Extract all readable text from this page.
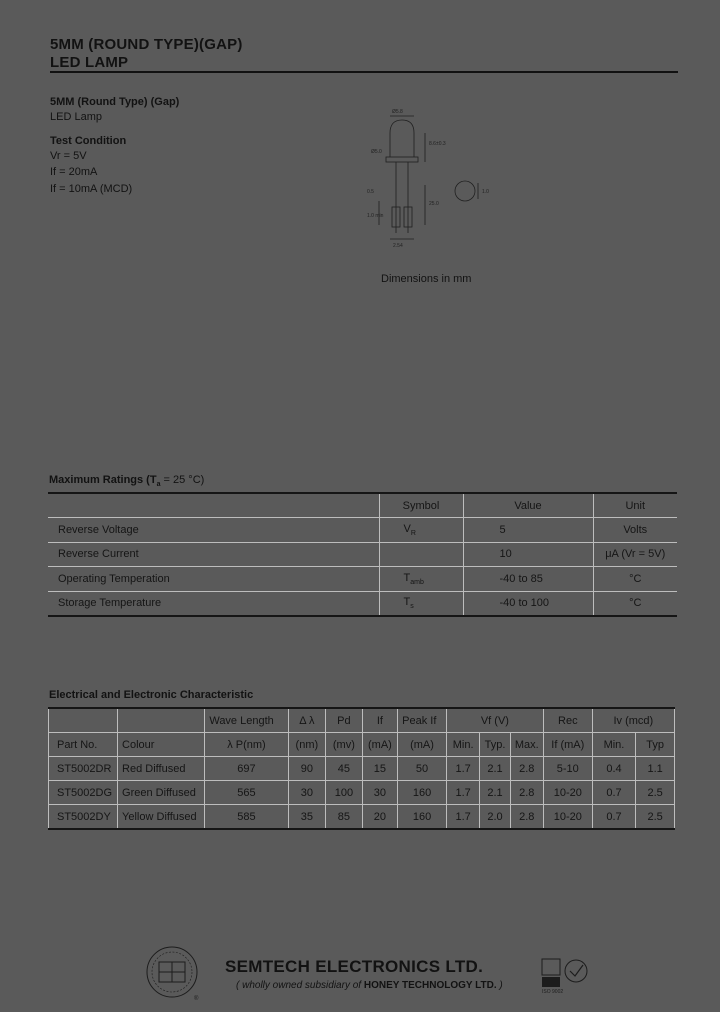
5MM (ROUND TYPE)(GAP)
LED LAMP
5MM (Round Type) (Gap)
LED Lamp
Test Condition
Vr = 5V
If = 20mA
If = 10mA (MCD)
Ø5.8
8.6±0.3
25.0
0.5
1.0 min
2.54
1.0
Ø5.0
Dimensions in mm
Maximum Ratings ($T_a = 25$ °C)
	Symbol	Value	Unit
Reverse Voltage	$V_R$	5	Volts
Reverse Current		10	μA (Vr = 5V)
Operating Temperation	$T_{amb}$	-40 to 85	°C
Storage Temperature	$T_s$	-40 to 100	°C
Electrical and Electronic Characteristic
		Wave Length	Δ λ	Pd	If	Peak If	Vf (V)			Rec	Iv (mcd)	
Part No.	Colour	λ P(nm)	(nm)	(mv)	(mA)	(mA)	Min.	Typ.	Max.	If (mA)	Min.	Typ
ST5002DR	Red Diffused	697	90	45	15	50	1.7	2.1	2.8	5-10	0.4	1.1
ST5002DG	Green Diffused	565	30	100	30	160	1.7	2.1	2.8	10-20	0.7	2.5
ST5002DY	Yellow Diffused	585	35	85	20	160	1.7	2.0	2.8	10-20	0.7	2.5
®
SEMTECH ELECTRONICS LTD.
( wholly owned subsidiary of HONEY TECHNOLOGY LTD. )
ISO 9002
